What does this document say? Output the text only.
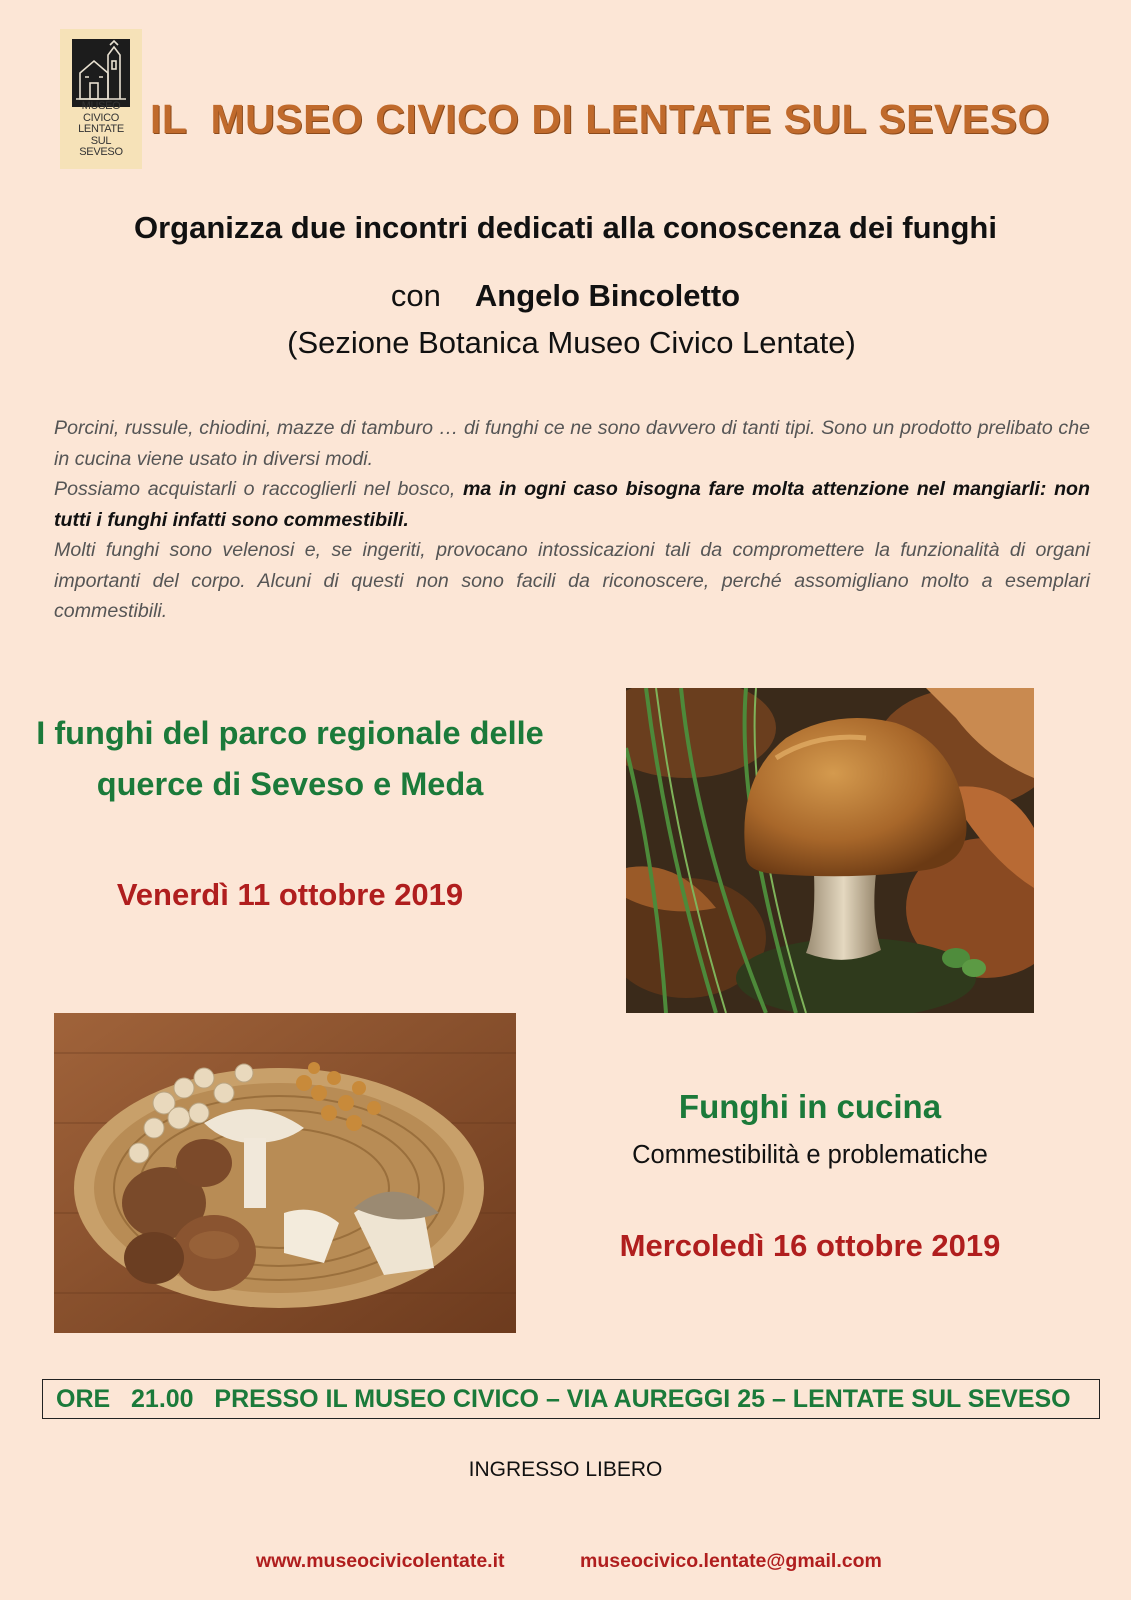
MUSEO
CIVICO
LENTATE
SUL
SEVESO
IL  MUSEO CIVICO DI LENTATE SUL SEVESO
Organizza due incontri dedicati alla conoscenza dei funghi
con Angelo Bincoletto
(Sezione Botanica Museo Civico Lentate)

Porcini, russule, chiodini, mazze di tamburo … di funghi ce ne sono davvero di tanti tipi. Sono un prodotto prelibato che in cucina viene usato in diversi modi.

Possiamo acquistarli o raccoglierli nel bosco, ma in ogni caso bisogna fare molta attenzione nel mangiarli: non tutti i funghi infatti sono commestibili.

Molti funghi sono velenosi e, se ingeriti, provocano intossicazioni tali da compromettere la funzionalità di organi importanti del corpo. Alcuni di questi non sono facili da riconoscere, perché assomigliano molto a esemplari commestibili.

I funghi del parco regionale delle querce di Seveso e Meda
Venerdì 11 ottobre 2019
Funghi in cucina
Commestibilità e problematiche
Mercoledì 16 ottobre 2019
ORE   21.00   PRESSO IL MUSEO CIVICO – VIA AUREGGI 25 – LENTATE SUL SEVESO
INGRESSO LIBERO
www.museocivicolentate.it	museocivico.lentate@gmail.com
